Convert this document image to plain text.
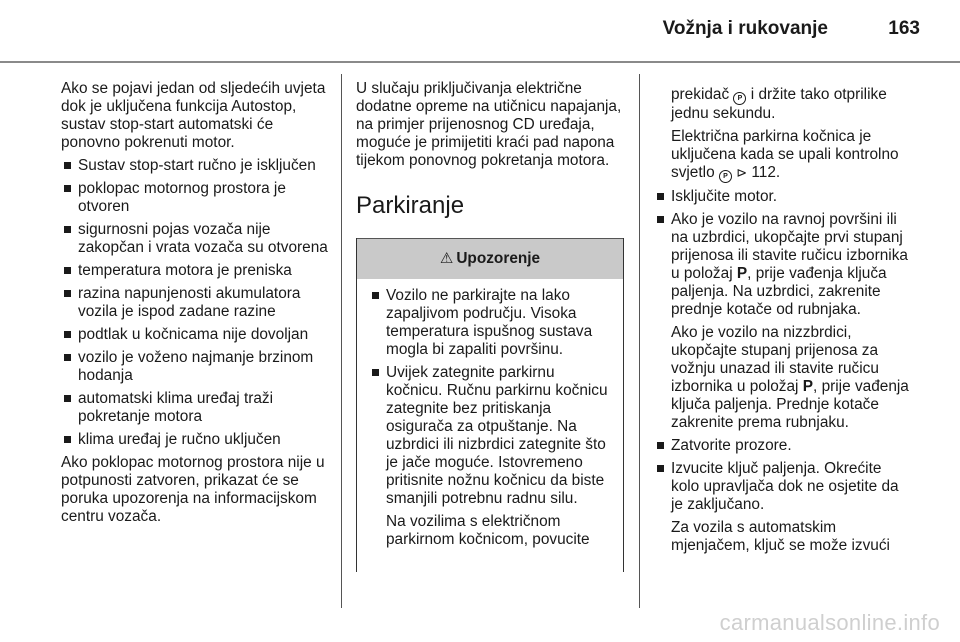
Vožnja i rukovanje	163

Ako se pojavi jedan od sljedećih uvjeta dok je uključena funkcija Autostop, sustav stop-start automatski će ponovno pokrenuti motor.

Sustav stop-start ručno je isključen
poklopac motornog prostora je otvoren
sigurnosni pojas vozača nije zakopčan i vrata vozača su otvorena
temperatura motora je preniska
razina napunjenosti akumulatora vozila je ispod zadane razine
podtlak u kočnicama nije dovoljan
vozilo je voženo najmanje brzinom hodanja
automatski klima uređaj traži pokretanje motora
klima uređaj je ručno uključen

Ako poklopac motornog prostora nije u potpunosti zatvoren, prikazat će se poruka upozorenja na informacijskom centru vozača.

U slučaju priključivanja električne dodatne opreme na utičnicu napajanja, na primjer prijenosnog CD uređaja, moguće je primijetiti kraći pad napona tijekom ponovnog pokretanja motora.

Parkiranje
⚠ Upozorenje
Vozilo ne parkirajte na lako zapaljivom području. Visoka temperatura ispušnog sustava mogla bi zapaliti površinu.
Uvijek zategnite parkirnu kočnicu. Ručnu parkirnu kočnicu zategnite bez pritiskanja osigurača za otpuštanje. Na uzbrdici ili nizbrdici zategnite što je jače moguće. Istovremeno pritisnite nožnu kočnicu da biste smanjili potrebnu radnu silu.
Na vozilima s električnom parkirnom kočnicom, povucite

prekidač P i držite tako otprilike jednu sekundu.

Električna parkirna kočnica je uključena kada se upali kontrolno svjetlo P ⊳ 112.

Isključite motor.
Ako je vozilo na ravnoj površini ili na uzbrdici, ukopčajte prvi stupanj prijenosa ili stavite ručicu izbornika u položaj P, prije vađenja ključa paljenja. Na uzbrdici, zakrenite prednje kotače od rubnjaka.
Ako je vozilo na nizzbrdici, ukopčajte stupanj prijenosa za vožnju unazad ili stavite ručicu izbornika u položaj P, prije vađenja ključa paljenja. Prednje kotače zakrenite prema rubnjaku.
Zatvorite prozore.
Izvucite ključ paljenja. Okrećite kolo upravljača dok ne osjetite da je zaključano.
Za vozila s automatskim mjenjačem, ključ se može izvući
carmanualsonline.info
